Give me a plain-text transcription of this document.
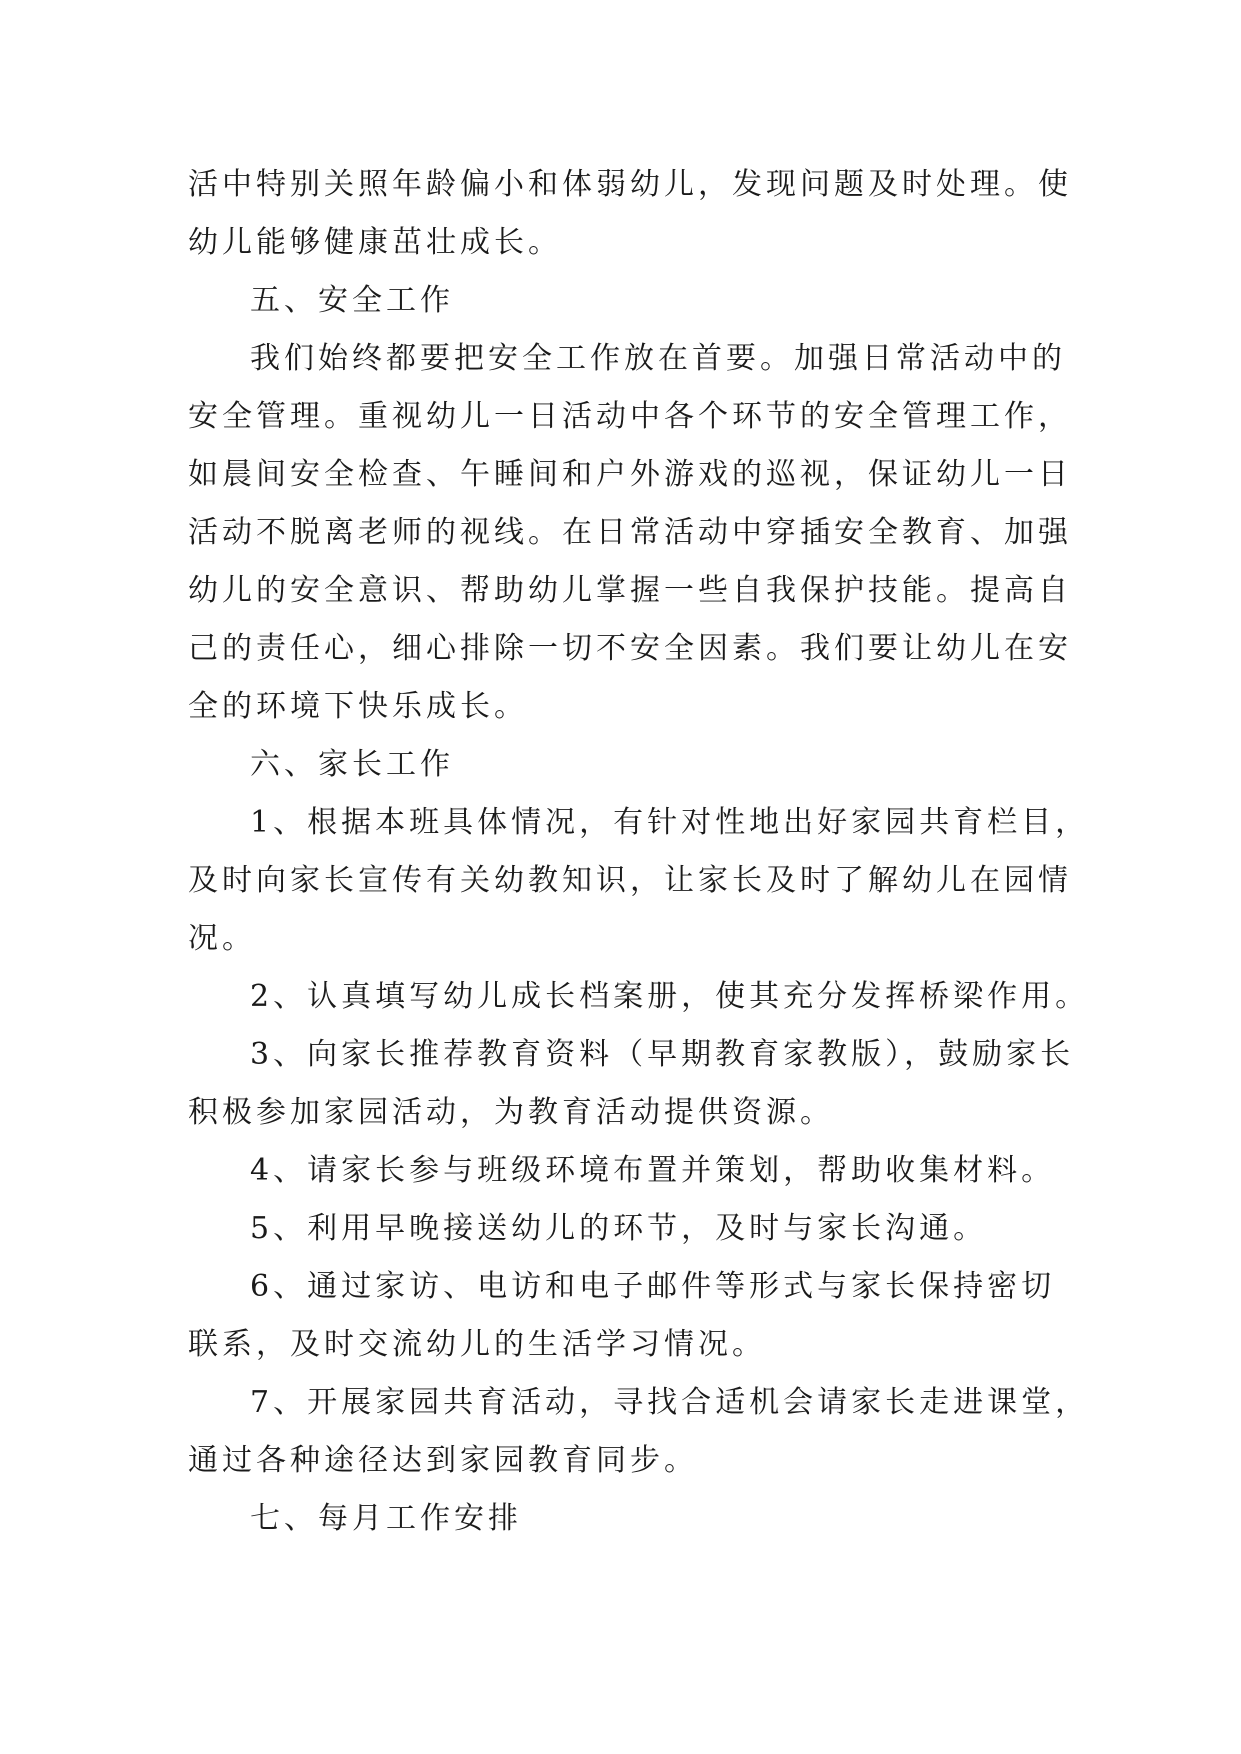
活中特别关照年龄偏小和体弱幼儿，发现问题及时处理。使
幼儿能够健康茁壮成长。
五、安全工作
我们始终都要把安全工作放在首要。加强日常活动中的
安全管理。重视幼儿一日活动中各个环节的安全管理工作，
如晨间安全检查、午睡间和户外游戏的巡视，保证幼儿一日
活动不脱离老师的视线。在日常活动中穿插安全教育、加强
幼儿的安全意识、帮助幼儿掌握一些自我保护技能。提高自
己的责任心，细心排除一切不安全因素。我们要让幼儿在安
全的环境下快乐成长。
六、家长工作
1、根据本班具体情况，有针对性地出好家园共育栏目，
及时向家长宣传有关幼教知识，让家长及时了解幼儿在园情
况。
2、认真填写幼儿成长档案册，使其充分发挥桥梁作用。
3、向家长推荐教育资料（早期教育家教版），鼓励家长
积极参加家园活动，为教育活动提供资源。
4、请家长参与班级环境布置并策划，帮助收集材料。
5、利用早晚接送幼儿的环节，及时与家长沟通。
6、通过家访、电访和电子邮件等形式与家长保持密切
联系，及时交流幼儿的生活学习情况。
7、开展家园共育活动，寻找合适机会请家长走进课堂，
通过各种途径达到家园教育同步。
七、每月工作安排
